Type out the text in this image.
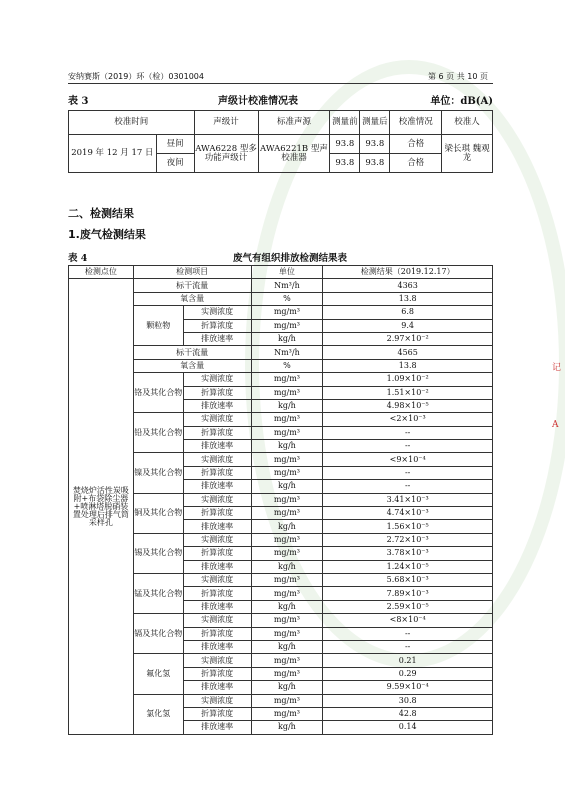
安纳赛斯（2019）环（检）0301004	第 6 页 共 10 页
表 3	声级计校准情况表	单位：dB(A)
校准时间		声级计	标准声源	测量前	测量后	校准情况	校准人
2019 年 12 月 17 日	昼间	AWA6228 型多功能声级计	AWA6221B 型声校准器	93.8	93.8	合格	梁长琪 魏观龙
	夜间			93.8	93.8	合格	
二、检测结果
1.废气检测结果
表 4	废气有组织排放检测结果表
检测点位	检测项目		单位	检测结果（2019.12.17）
焚烧炉活性炭吸附+布袋除尘器+喷淋塔脱硝装置处理后排气筒采样孔	标干流量		Nm³/h	4363
	氧含量		%	13.8
	颗粒物	实测浓度	mg/m³	6.8
		折算浓度	mg/m³	9.4
		排放速率	kg/h	2.97×10⁻²
	标干流量		Nm³/h	4565
	氧含量		%	13.8
	铬及其化合物	实测浓度	mg/m³	1.09×10⁻²
		折算浓度	mg/m³	1.51×10⁻²
		排放速率	kg/h	4.98×10⁻⁵
	铅及其化合物	实测浓度	mg/m³	<2×10⁻³
		折算浓度	mg/m³	--
		排放速率	kg/h	--
	镍及其化合物	实测浓度	mg/m³	<9×10⁻⁴
		折算浓度	mg/m³	--
		排放速率	kg/h	--
	铜及其化合物	实测浓度	mg/m³	3.41×10⁻³
		折算浓度	mg/m³	4.74×10⁻³
		排放速率	kg/h	1.56×10⁻⁵
	锡及其化合物	实测浓度	mg/m³	2.72×10⁻³
		折算浓度	mg/m³	3.78×10⁻³
		排放速率	kg/h	1.24×10⁻⁵
	锰及其化合物	实测浓度	mg/m³	5.68×10⁻³
		折算浓度	mg/m³	7.89×10⁻³
		排放速率	kg/h	2.59×10⁻⁵
	镉及其化合物	实测浓度	mg/m³	<8×10⁻⁴
		折算浓度	mg/m³	--
		排放速率	kg/h	--
	氟化氢	实测浓度	mg/m³	0.21
		折算浓度	mg/m³	0.29
		排放速率	kg/h	9.59×10⁻⁴
	氯化氢	实测浓度	mg/m³	30.8
		折算浓度	mg/m³	42.8
		排放速率	kg/h	0.14
记
A
